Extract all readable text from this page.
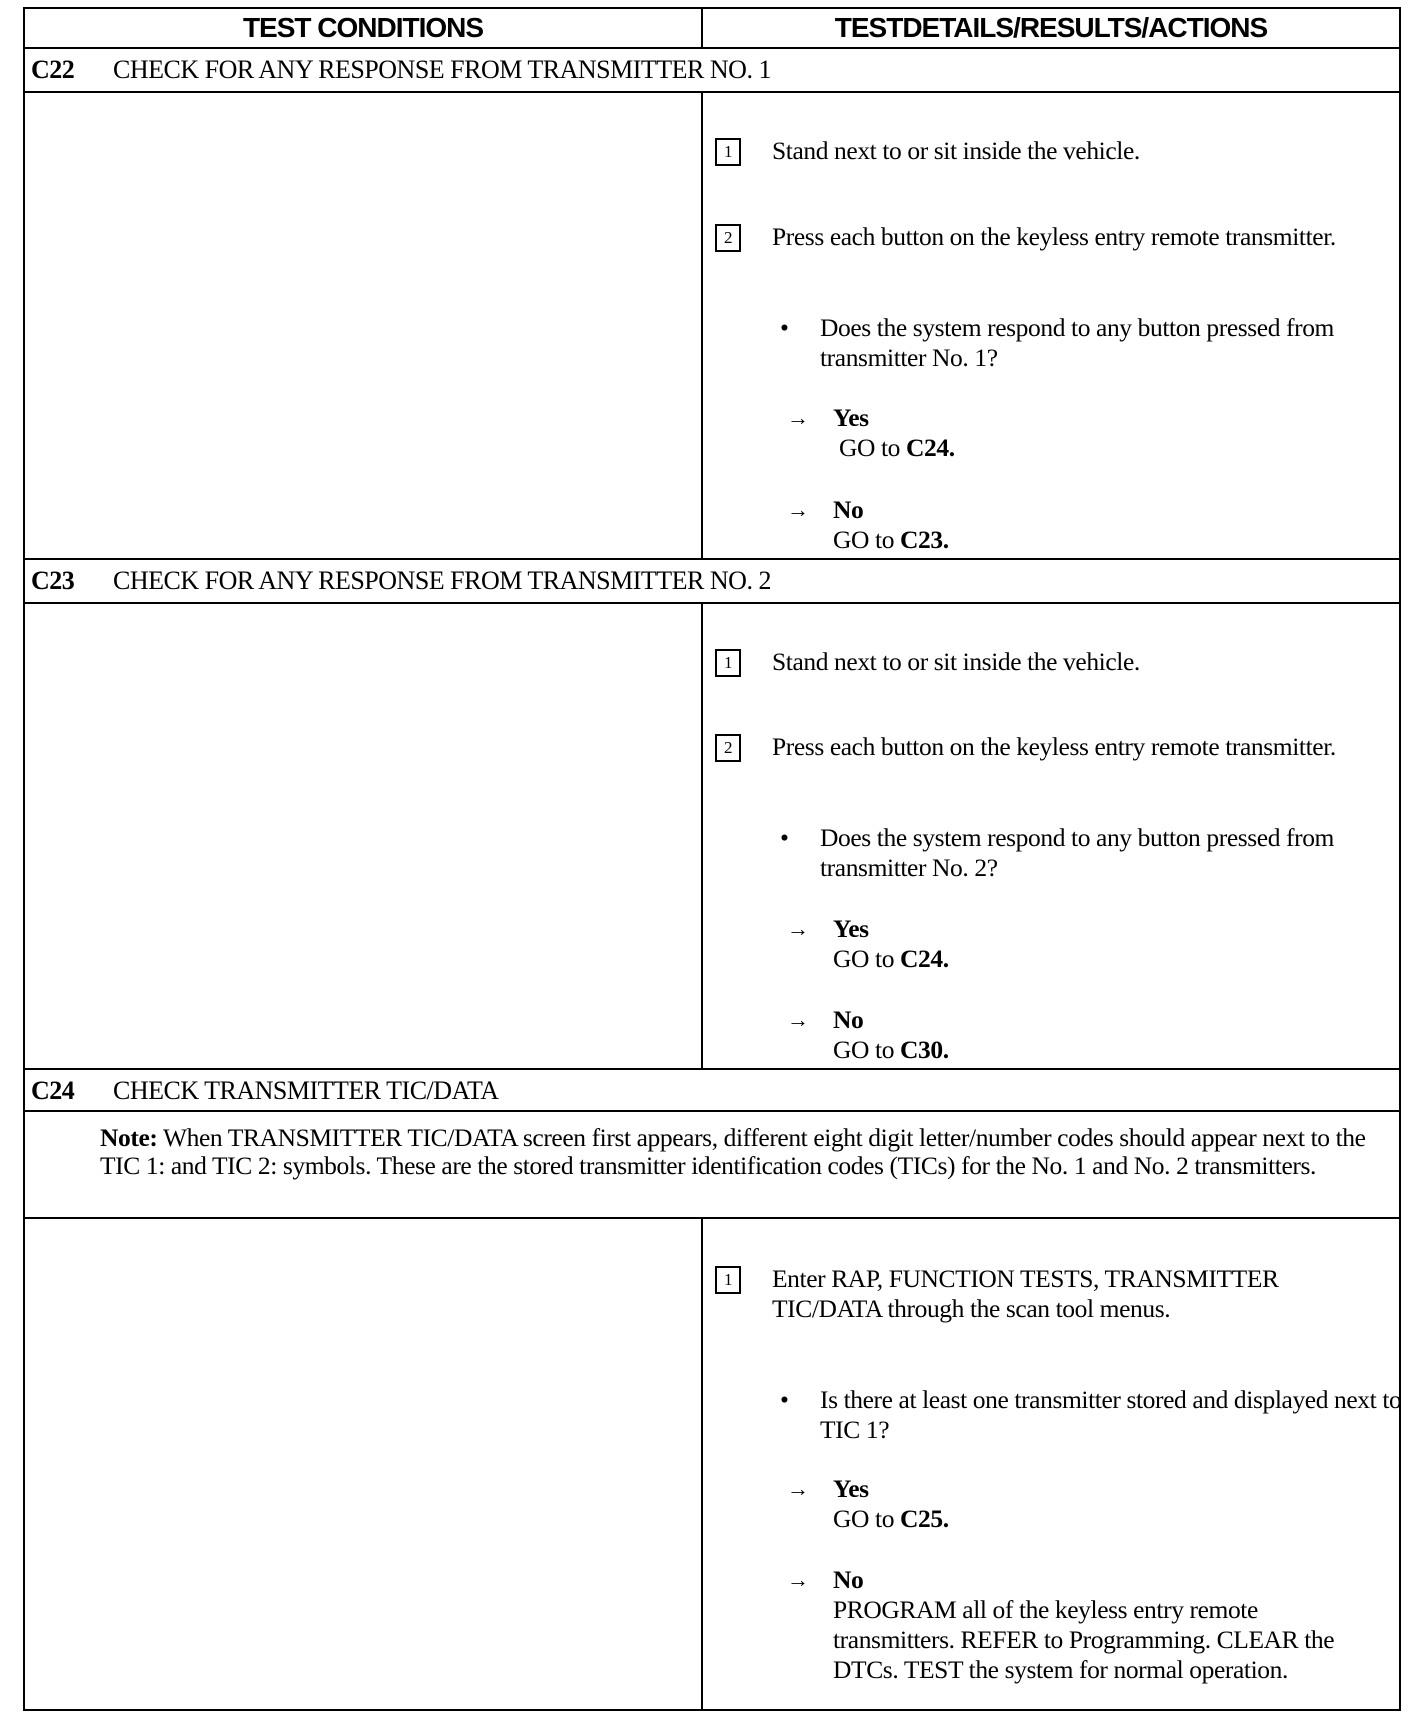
TEST CONDITIONS	TESTDETAILS/RESULTS/ACTIONS
C22 CHECK FOR ANY RESPONSE FROM TRANSMITTER NO. 1
1	Stand next to or sit inside the vehicle.
2	Press each button on the keyless entry remote transmitter.
• Does the system respond to any button pressed from transmitter No. 1?
→ Yes
GO to C24.
→ No
GO to C23.
C23 CHECK FOR ANY RESPONSE FROM TRANSMITTER NO. 2
1	Stand next to or sit inside the vehicle.
2	Press each button on the keyless entry remote transmitter.
• Does the system respond to any button pressed from transmitter No. 2?
→ Yes
GO to C24.
→ No
GO to C30.
C24 CHECK TRANSMITTER TIC/DATA
Note: When TRANSMITTER TIC/DATA screen first appears, different eight digit letter/number codes should appear next to the TIC 1: and TIC 2: symbols. These are the stored transmitter identification codes (TICs) for the No. 1 and No. 2 transmitters.
1	Enter RAP, FUNCTION TESTS, TRANSMITTER TIC/DATA through the scan tool menus.
• Is there at least one transmitter stored and displayed next to TIC 1?
→ Yes
GO to C25.
→ No
PROGRAM all of the keyless entry remote transmitters. REFER to Programming. CLEAR the DTCs. TEST the system for normal operation.
